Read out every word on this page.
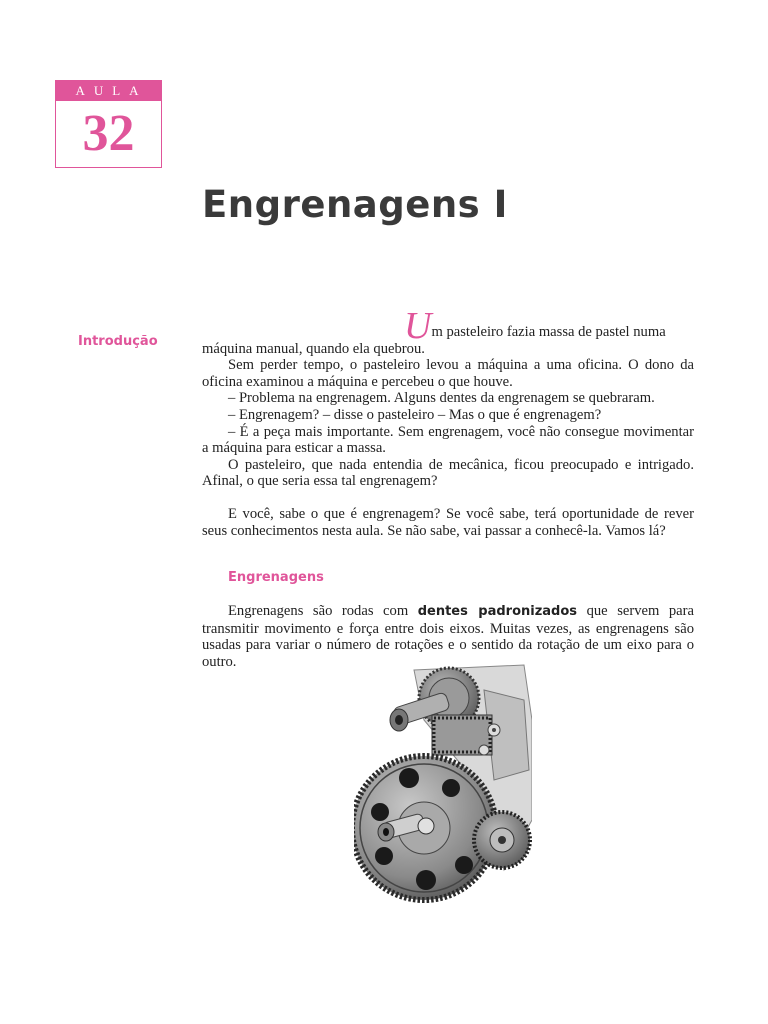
AULA
32
Engrenagens I
Introdução	Um pasteleiro fazia massa de pastel numa

máquina manual, quando ela quebrou.

Sem perder tempo, o pasteleiro levou a máquina a uma oficina. O dono da oficina examinou a máquina e percebeu o que houve.

– Problema na engrenagem. Alguns dentes da engrenagem se quebraram.

– Engrenagem? – disse o pasteleiro – Mas o que é engrenagem?

– É a peça mais importante. Sem engrenagem, você não consegue movimentar a máquina para esticar a massa.

O pasteleiro, que nada entendia de mecânica, ficou preocupado e intrigado. Afinal, o que seria essa tal engrenagem?

E você, sabe o que é engrenagem? Se você sabe, terá oportunidade de rever seus conhecimentos nesta aula. Se não sabe, vai passar a conhecê-la. Vamos lá?

Engrenagens

Engrenagens são rodas com dentes padronizados que servem para transmitir movimento e força entre dois eixos. Muitas vezes, as engrenagens são usadas para variar o número de rotações e o sentido da rotação de um eixo para o outro.
